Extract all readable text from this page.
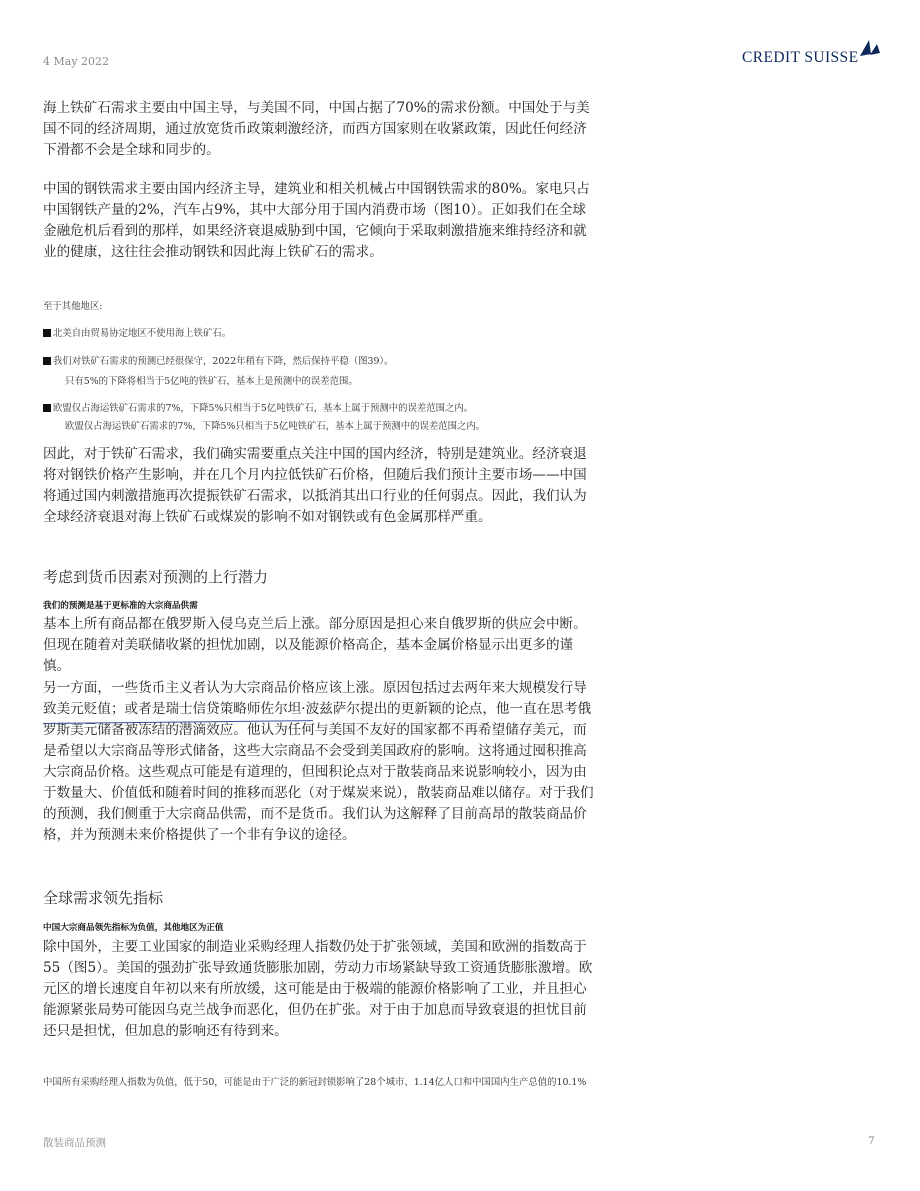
4 May 2022	CREDIT SUISSE

海上铁矿石需求主要由中国主导，与美国不同，中国占据了70%的需求份额。中国处于与美国不同的经济周期，通过放宽货币政策刺激经济，而西方国家则在收紧政策，因此任何经济下滑都不会是全球和同步的。

中国的钢铁需求主要由国内经济主导，建筑业和相关机械占中国钢铁需求的80%。家电只占中国钢铁产量的2%，汽车占9%，其中大部分用于国内消费市场（图10）。正如我们在全球金融危机后看到的那样，如果经济衰退威胁到中国，它倾向于采取刺激措施来维持经济和就业的健康，这往往会推动钢铁和因此海上铁矿石的需求。

至于其他地区:
北美自由贸易协定地区不使用海上铁矿石。
我们对铁矿石需求的预测已经很保守，2022年稍有下降，然后保持平稳（图39）。
只有5%的下降将相当于5亿吨的铁矿石，基本上是预测中的误差范围。
欧盟仅占海运铁矿石需求的7%，下降5%只相当于5亿吨铁矿石，基本上属于预测中的误差范围之内。
欧盟仅占海运铁矿石需求的7%，下降5%只相当于5亿吨铁矿石，基本上属于预测中的误差范围之内。

因此，对于铁矿石需求，我们确实需要重点关注中国的国内经济，特别是建筑业。经济衰退将对钢铁价格产生影响，并在几个月内拉低铁矿石价格，但随后我们预计主要市场——中国将通过国内刺激措施再次提振铁矿石需求，以抵消其出口行业的任何弱点。因此，我们认为全球经济衰退对海上铁矿石或煤炭的影响不如对钢铁或有色金属那样严重。

考虑到货币因素对预测的上行潜力
我们的预测是基于更标准的大宗商品供需

基本上所有商品都在俄罗斯入侵乌克兰后上涨。部分原因是担心来自俄罗斯的供应会中断。但现在随着对美联储收紧的担忧加剧，以及能源价格高企，基本金属价格显示出更多的谨慎。

另一方面，一些货币主义者认为大宗商品价格应该上涨。原因包括过去两年来大规模发行导致美元贬值；或者是瑞士信贷策略师佐尔坦·波兹萨尔提出的更新颖的论点，他一直在思考俄罗斯美元储备被冻结的潜滴效应。他认为任何与美国不友好的国家都不再希望储存美元，而是希望以大宗商品等形式储备，这些大宗商品不会受到美国政府的影响。这将通过囤积推高大宗商品价格。这些观点可能是有道理的，但囤积论点对于散装商品来说影响较小，因为由于数量大、价值低和随着时间的推移而恶化（对于煤炭来说），散装商品难以储存。对于我们的预测，我们侧重于大宗商品供需，而不是货币。我们认为这解释了目前高昂的散装商品价格，并为预测未来价格提供了一个非有争议的途径。

全球需求领先指标
中国大宗商品领先指标为负值，其他地区为正值

除中国外，主要工业国家的制造业采购经理人指数仍处于扩张领域，美国和欧洲的指数高于55（图5）。美国的强劲扩张导致通货膨胀加剧，劳动力市场紧缺导致工资通货膨胀激增。欧元区的增长速度自年初以来有所放缓，这可能是由于极端的能源价格影响了工业，并且担心能源紧张局势可能因乌克兰战争而恶化，但仍在扩张。对于由于加息而导致衰退的担忧目前还只是担忧，但加息的影响还有待到来。

中国所有采购经理人指数为负值，低于50，可能是由于广泛的新冠封锁影响了28个城市、1.14亿人口和中国国内生产总值的10.1%

散装商品预测	7
